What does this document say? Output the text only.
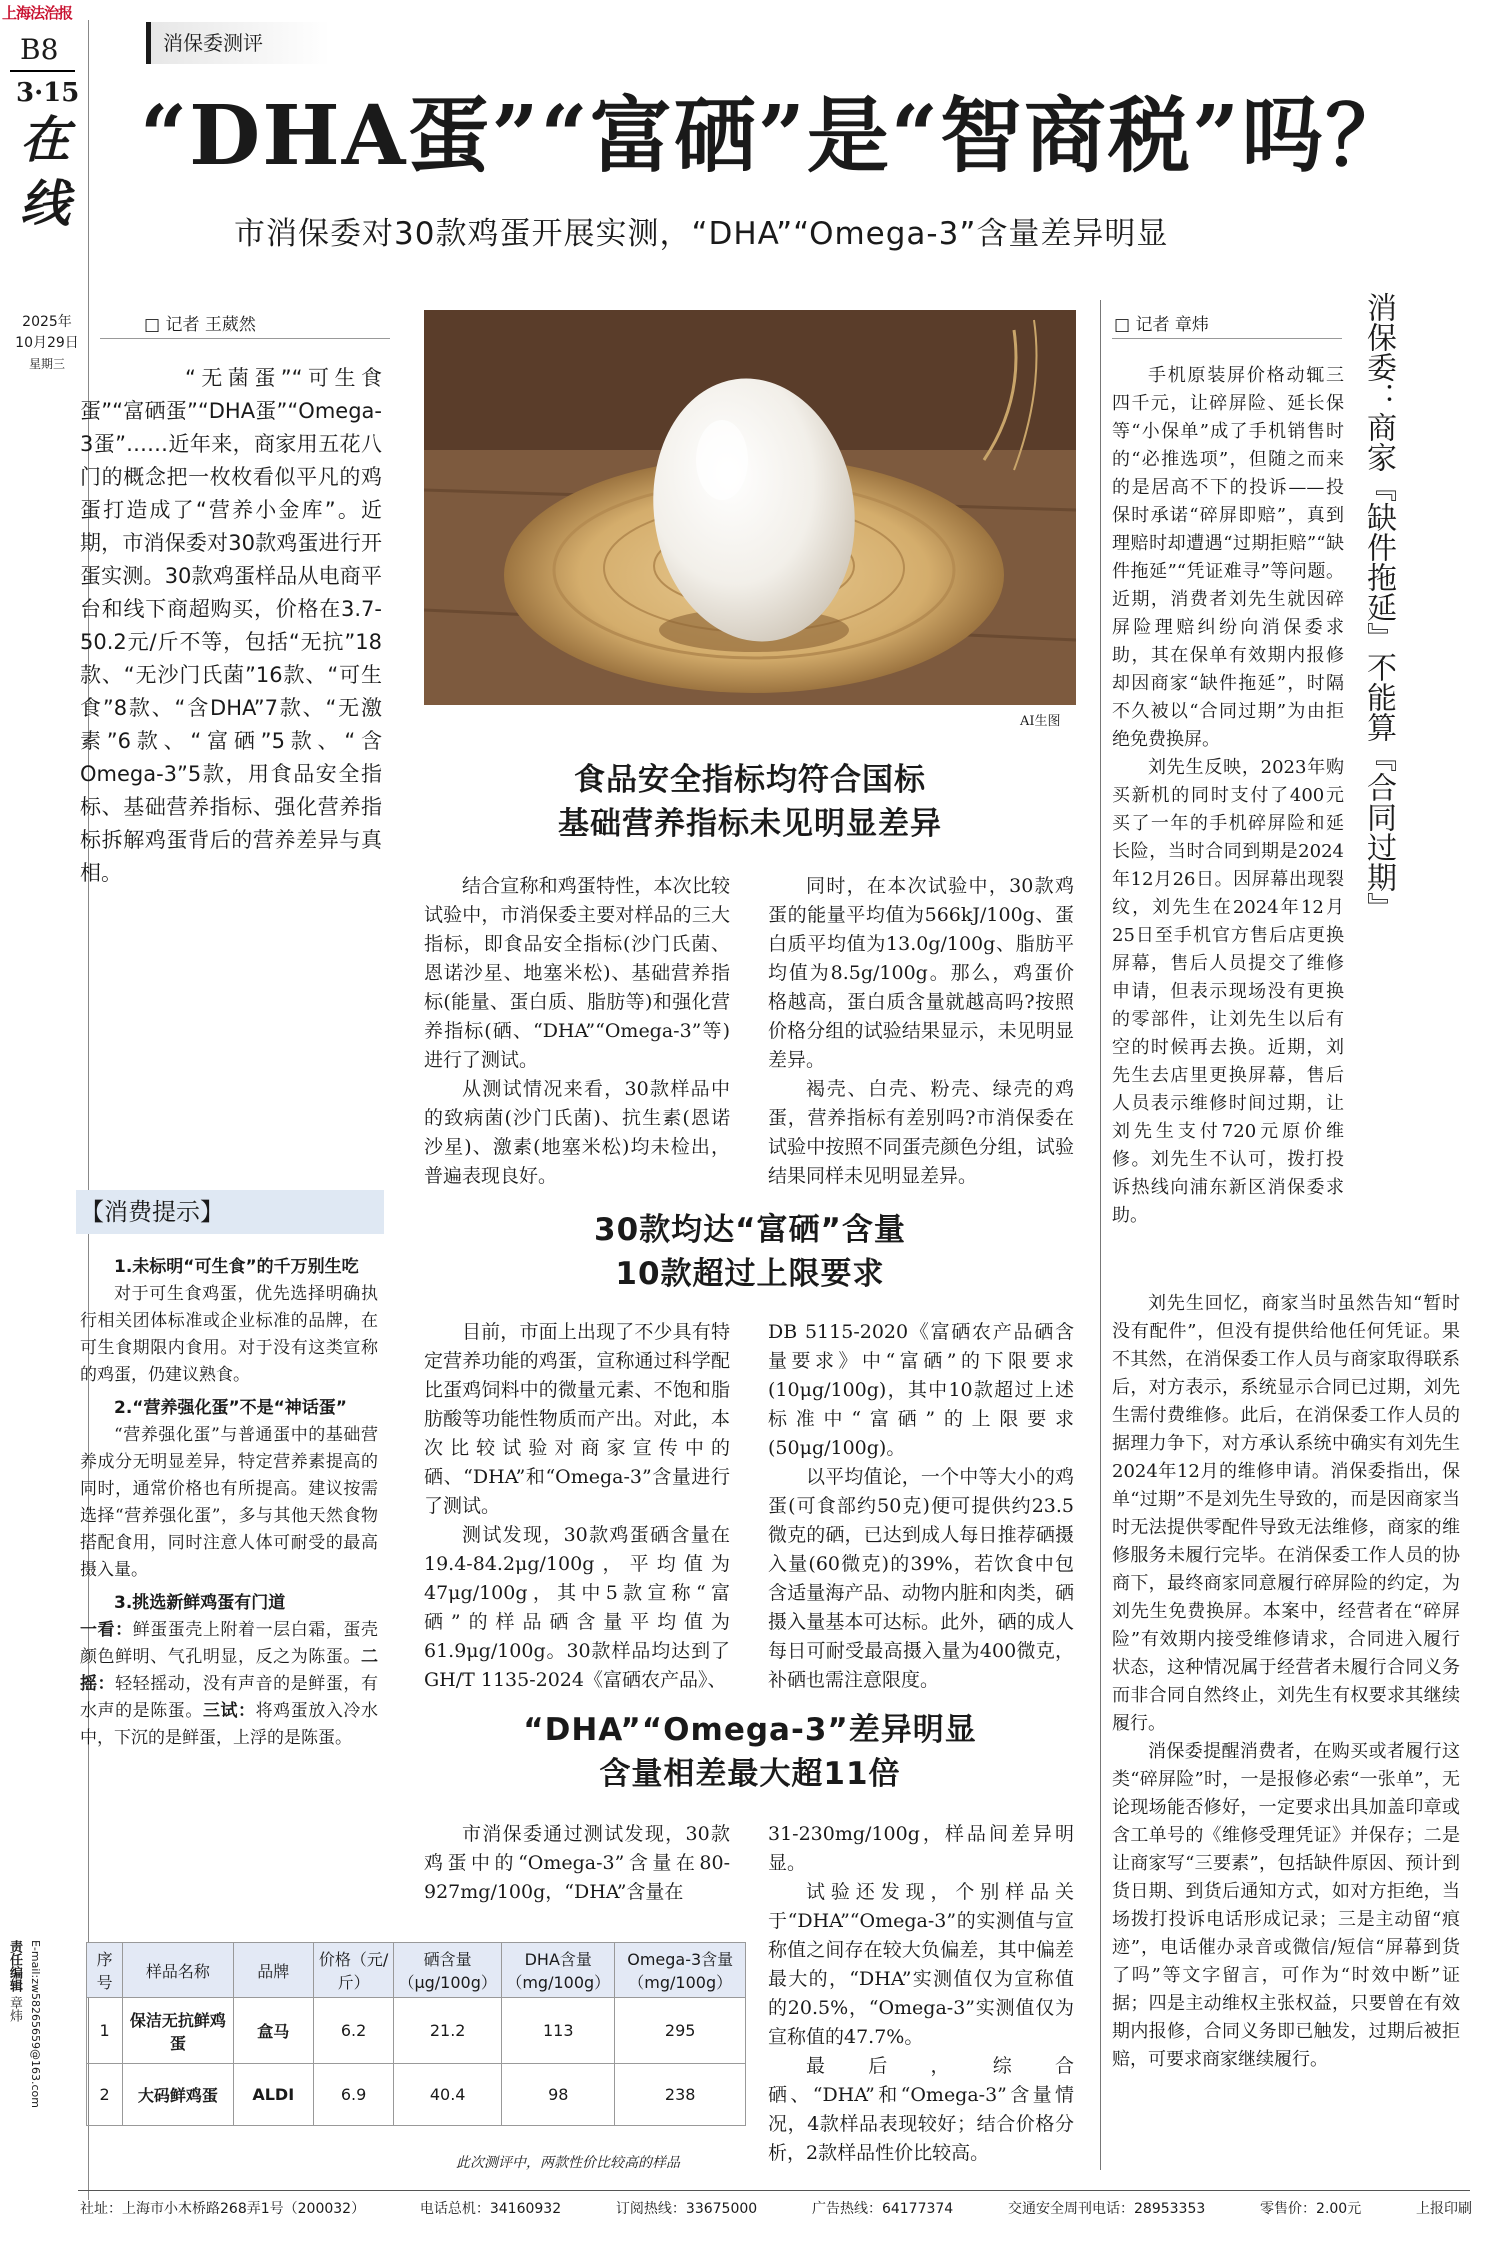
上海法治报
B8
3·15
在
线
2025年
10月29日
星期三
消保委测评
“DHA蛋”“富硒”是“智商税”吗？
市消保委对30款鸡蛋开展实测，“DHA”“Omega-3”含量差异明显
□ 记者 王葳然
“无菌蛋”“可生食蛋”“富硒蛋”“DHA蛋”“Omega-3蛋”……近年来，商家用五花八门的概念把一枚枚看似平凡的鸡蛋打造成了“营养小金库”。近期，市消保委对30款鸡蛋进行开蛋实测。30款鸡蛋样品从电商平台和线下商超购买，价格在3.7-50.2元/斤不等，包括“无抗”18款、“无沙门氏菌”16款、“可生食”8款、“含DHA”7款、“无激素”6款、“富硒”5款、“含Omega-3”5款，用食品安全指标、基础营养指标、强化营养指标拆解鸡蛋背后的营养差异与真相。
【消费提示】
1.未标明“可生食”的千万别生吃
对于可生食鸡蛋，优先选择明确执行相关团体标准或企业标准的品牌，在可生食期限内食用。对于没有这类宣称的鸡蛋，仍建议熟食。
2.“营养强化蛋”不是“神话蛋”
“营养强化蛋”与普通蛋中的基础营养成分无明显差异，特定营养素提高的同时，通常价格也有所提高。建议按需选择“营养强化蛋”，多与其他天然食物搭配食用，同时注意人体可耐受的最高摄入量。
3.挑选新鲜鸡蛋有门道
一看：鲜蛋蛋壳上附着一层白霜，蛋壳颜色鲜明、气孔明显，反之为陈蛋。二摇：轻轻摇动，没有声音的是鲜蛋，有水声的是陈蛋。三试：将鸡蛋放入冷水中，下沉的是鲜蛋，上浮的是陈蛋。
AI生图
食品安全指标均符合国标
基础营养指标未见明显差异

结合宣称和鸡蛋特性，本次比较试验中，市消保委主要对样品的三大指标，即食品安全指标(沙门氏菌、恩诺沙星、地塞米松)、基础营养指标(能量、蛋白质、脂肪等)和强化营养指标(硒、“DHA”“Omega-3”等)进行了测试。

从测试情况来看，30款样品中的致病菌(沙门氏菌)、抗生素(恩诺沙星)、激素(地塞米松)均未检出，普遍表现良好。

同时，在本次试验中，30款鸡蛋的能量平均值为566kJ/100g、蛋白质平均值为13.0g/100g、脂肪平均值为8.5g/100g。那么，鸡蛋价格越高，蛋白质含量就越高吗?按照价格分组的试验结果显示，未见明显差异。

褐壳、白壳、粉壳、绿壳的鸡蛋，营养指标有差别吗?市消保委在试验中按照不同蛋壳颜色分组，试验结果同样未见明显差异。

30款均达“富硒”含量
10款超过上限要求

目前，市面上出现了不少具有特定营养功能的鸡蛋，宣称通过科学配比蛋鸡饲料中的微量元素、不饱和脂肪酸等功能性物质而产出。对此，本次比较试验对商家宣传中的硒、“DHA”和“Omega-3”含量进行了测试。

测试发现，30款鸡蛋硒含量在19.4-84.2μg/100g，平均值为47μg/100g，其中5款宣称“富硒”的样品硒含量平均值为61.9μg/100g。30款样品均达到了GH/T 1135-2024《富硒农产品》、

DB 5115-2020《富硒农产品硒含量要求》中“富硒”的下限要求(10μg/100g)，其中10款超过上述标准中“富硒”的上限要求(50μg/100g)。

以平均值论，一个中等大小的鸡蛋(可食部约50克)便可提供约23.5微克的硒，已达到成人每日推荐硒摄入量(60微克)的39%，若饮食中包含适量海产品、动物内脏和肉类，硒摄入量基本可达标。此外，硒的成人每日可耐受最高摄入量为400微克，补硒也需注意限度。

“DHA”“Omega-3”差异明显
含量相差最大超11倍

市消保委通过测试发现，30款鸡蛋中的“Omega-3”含量在80-927mg/100g，“DHA”含量在

31-230mg/100g，样品间差异明显。

试验还发现，个别样品关于“DHA”“Omega-3”的实测值与宣称值之间存在较大负偏差，其中偏差最大的，“DHA”实测值仅为宣称值的20.5%，“Omega-3”实测值仅为宣称值的47.7%。

最后，综合硒、“DHA”和“Omega-3”含量情况，4款样品表现较好；结合价格分析，2款样品性价比较高。

序号	样品名称	品牌	价格（元/斤）	硒含量（μg/100g）	DHA含量（mg/100g）	Omega-3含量（mg/100g）
1	保洁无抗鲜鸡蛋	盒马	6.2	21.2	113	295
2	大码鲜鸡蛋	ALDI	6.9	40.4	98	238
此次测评中，两款性价比较高的样品
消保委：商家『缺件拖延』不能算『合同过期』
□ 记者 章炜

手机原装屏价格动辄三四千元，让碎屏险、延长保等“小保单”成了手机销售时的“必推选项”，但随之而来的是居高不下的投诉——投保时承诺“碎屏即赔”，真到理赔时却遭遇“过期拒赔”“缺件拖延”“凭证难寻”等问题。近期，消费者刘先生就因碎屏险理赔纠纷向消保委求助，其在保单有效期内报修却因商家“缺件拖延”，时隔不久被以“合同过期”为由拒绝免费换屏。

刘先生反映，2023年购买新机的同时支付了400元买了一年的手机碎屏险和延长险，当时合同到期是2024年12月26日。因屏幕出现裂纹，刘先生在2024年12月25日至手机官方售后店更换屏幕，售后人员提交了维修申请，但表示现场没有更换的零部件，让刘先生以后有空的时候再去换。近期，刘先生去店里更换屏幕，售后人员表示维修时间过期，让刘先生支付720元原价维修。刘先生不认可，拨打投诉热线向浦东新区消保委求助。

刘先生回忆，商家当时虽然告知“暂时没有配件”，但没有提供给他任何凭证。果不其然，在消保委工作人员与商家取得联系后，对方表示，系统显示合同已过期，刘先生需付费维修。此后，在消保委工作人员的据理力争下，对方承认系统中确实有刘先生2024年12月的维修申请。消保委指出，保单“过期”不是刘先生导致的，而是因商家当时无法提供零配件导致无法维修，商家的维修服务未履行完毕。在消保委工作人员的协商下，最终商家同意履行碎屏险的约定，为刘先生免费换屏。本案中，经营者在“碎屏险”有效期内接受维修请求，合同进入履行状态，这种情况属于经营者未履行合同义务而非合同自然终止，刘先生有权要求其继续履行。

消保委提醒消费者，在购买或者履行这类“碎屏险”时，一是报修必索“一张单”，无论现场能否修好，一定要求出具加盖印章或含工单号的《维修受理凭证》并保存；二是让商家写“三要素”，包括缺件原因、预计到货日期、到货后通知方式，如对方拒绝，当场拨打投诉电话形成记录；三是主动留“痕迹”，电话催办录音或微信/短信“屏幕到货了吗”等文字留言，可作为“时效中断”证据；四是主动维权主张权益，只要曾在有效期内报修，合同义务即已触发，过期后被拒赔，可要求商家继续履行。

责任编辑 章炜 E-mail:zw58265659@163.com
社址：上海市小木桥路268弄1号（200032）	电话总机：34160932	订阅热线：33675000	广告热线：64177374	交通安全周刊电话：28953353	零售价：2.00元	上报印刷
